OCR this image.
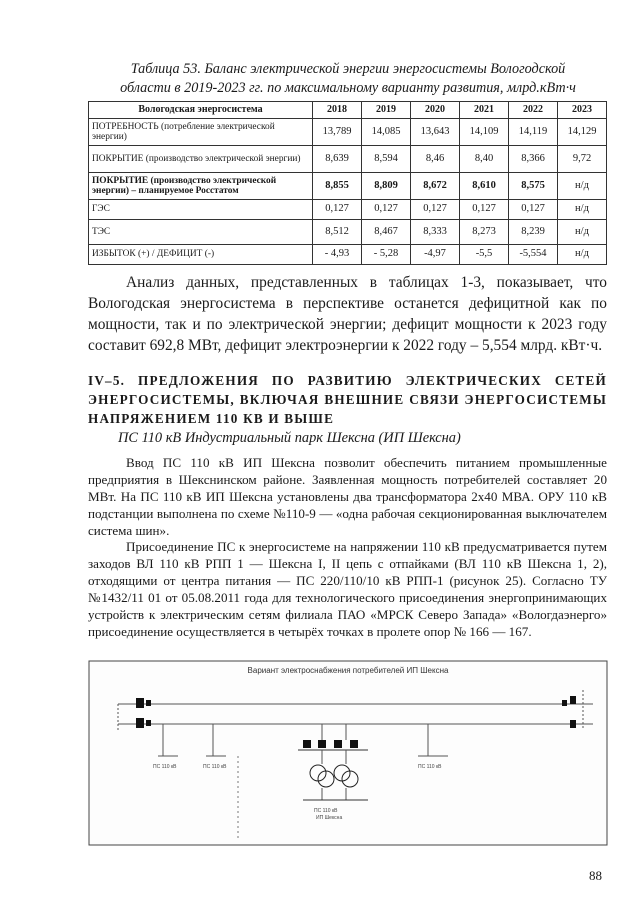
Таблица 53. Баланс электрической энергии энергосистемы Вологодской
области в 2019-2023 гг. по максимальному варианту развития, млрд.кВт·ч
Вологодская энергосистема	2018	2019	2020	2021	2022	2023
ПОТРЕБНОСТЬ (потребление электрической энергии)	13,789	14,085	13,643	14,109	14,119	14,129
ПОКРЫТИЕ (производство электрической энергии)	8,639	8,594	8,46	8,40	8,366	9,72
ПОКРЫТИЕ (производство электрической энергии) – планируемое Росстатом	8,855	8,809	8,672	8,610	8,575	н/д
ГЭС	0,127	0,127	0,127	0,127	0,127	н/д
ТЭС	8,512	8,467	8,333	8,273	8,239	н/д
ИЗБЫТОК (+) / ДЕФИЦИТ (-)	- 4,93	- 5,28	-4,97	-5,5	-5,554	н/д
Анализ данных, представленных в таблицах 1-3, показывает, что Вологодская энергосистема в перспективе останется дефицитной как по мощности, так и по электрической энергии; дефицит мощности к 2023 году составит 692,8 МВт, дефицит электроэнергии к 2022 году – 5,554 млрд. кВт·ч.
IV–5. ПРЕДЛОЖЕНИЯ ПО РАЗВИТИЮ ЭЛЕКТРИЧЕСКИХ СЕТЕЙ
ЭНЕРГОСИСТЕМЫ, ВКЛЮЧАЯ ВНЕШНИЕ СВЯЗИ ЭНЕРГОСИСТЕМЫ
НАПРЯЖЕНИЕМ 110 КВ И ВЫШЕ
ПС 110 кВ Индустриальный парк Шексна (ИП Шексна)
Ввод ПС 110 кВ ИП Шексна позволит обеспечить питанием промышленные предприятия в Шекснинском районе. Заявленная мощность потребителей составляет 20 МВт. На ПС 110 кВ ИП Шексна установлены два трансформатора 2х40 МВА. ОРУ 110 кВ подстанции выполнена по схеме №110-9 — «одна рабочая секционированная выключателем система шин».
Присоединение ПС к энергосистеме на напряжении 110 кВ предусматривается путем заходов ВЛ 110 кВ РПП 1 — Шексна I, II цепь с отпайками (ВЛ 110 кВ Шексна 1, 2), отходящими от центра питания — ПС 220/110/10 кВ РПП-1 (рисунок 25). Согласно ТУ №1432/11 01 от 05.08.2011 года для технологического присоединения энергопринимающих устройств к электрическим сетям филиала ПАО «МРСК Северо Запада» «Вологдаэнерго» присоединение осуществляется в четырёх точках в пролете опор № 166 — 167.
Вариант электроснабжения потребителей ИП Шексна
ПС 110 кВ	ПС 110 кВ
ПС 110 кВ
ИП Шексна
ПС 110 кВ
88
